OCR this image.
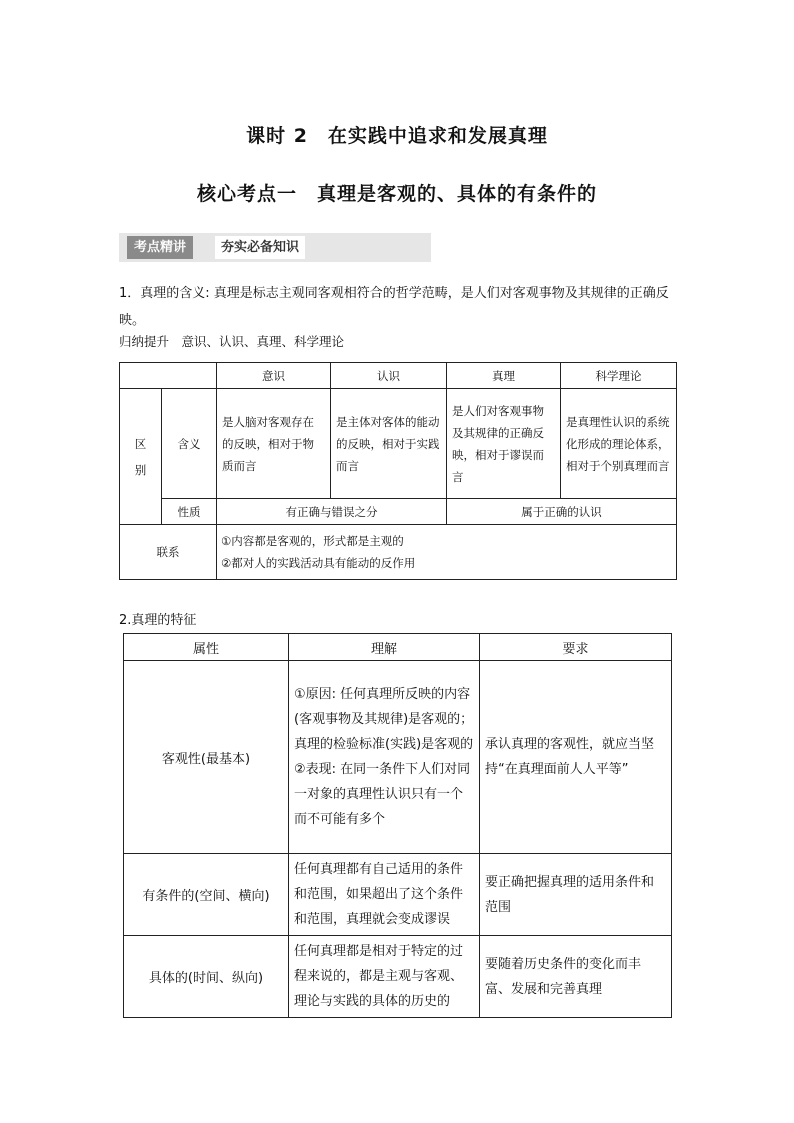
课时 2　在实践中追求和发展真理
核心考点一　真理是客观的、具体的有条件的
考点精讲	夯实必备知识
1．真理的含义: 真理是标志主观同客观相符合的哲学范畴，是人们对客观事物及其规律的正确反映。
归纳提升　意识、认识、真理、科学理论
		意识	认识	真理	科学理论
区别	含义	是人脑对客观存在的反映，相对于物质而言	是主体对客体的能动的反映，相对于实践而言	是人们对客观事物及其规律的正确反映，相对于谬误而言	是真理性认识的系统化形成的理论体系，相对于个别真理而言
	性质	有正确与错误之分		属于正确的认识	
联系		①内容都是客观的，形式都是主观的
②都对人的实践活动具有能动的反作用			
2.真理的特征
属性	理解	要求
客观性(最基本)	①原因: 任何真理所反映的内容(客观事物及其规律)是客观的；真理的检验标准(实践)是客观的
②表现: 在同一条件下人们对同一对象的真理性认识只有一个而不可能有多个	承认真理的客观性，就应当坚持“在真理面前人人平等”
有条件的(空间、横向)	任何真理都有自己适用的条件和范围，如果超出了这个条件和范围，真理就会变成谬误	要正确把握真理的适用条件和范围
具体的(时间、纵向)	任何真理都是相对于特定的过程来说的，都是主观与客观、理论与实践的具体的历史的	要随着历史条件的变化而丰富、发展和完善真理
